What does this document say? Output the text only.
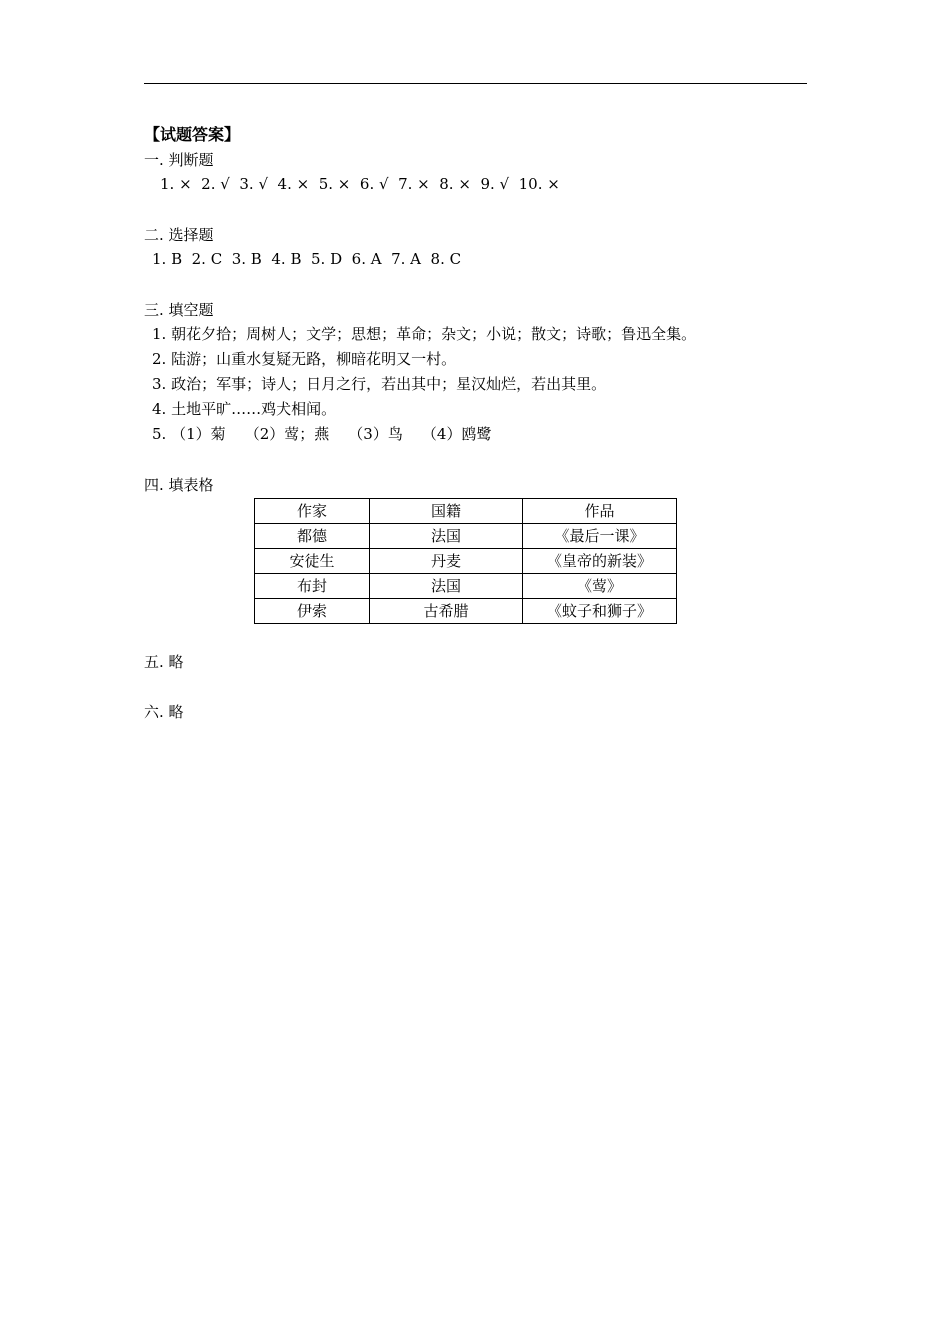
【试题答案】
一. 判断题
1. ×  2. √  3. √  4. ×  5. ×  6. √  7. ×  8. ×  9. √  10. ×
二. 选择题
1. B  2. C  3. B  4. B  5. D  6. A  7. A  8. C
三. 填空题
1. 朝花夕拾；周树人；文学；思想；革命；杂文；小说；散文；诗歌；鲁迅全集。
2. 陆游；山重水复疑无路，柳暗花明又一村。
3. 政治；军事；诗人；日月之行，若出其中；星汉灿烂，若出其里。
4. 土地平旷……鸡犬相闻。
5. （1）菊    （2）莺；燕    （3）鸟    （4）鸥鹭
四. 填表格
作家	国籍	作品
都德	法国	《最后一课》
安徒生	丹麦	《皇帝的新装》
布封	法国	《莺》
伊索	古希腊	《蚊子和狮子》
五. 略
六. 略
